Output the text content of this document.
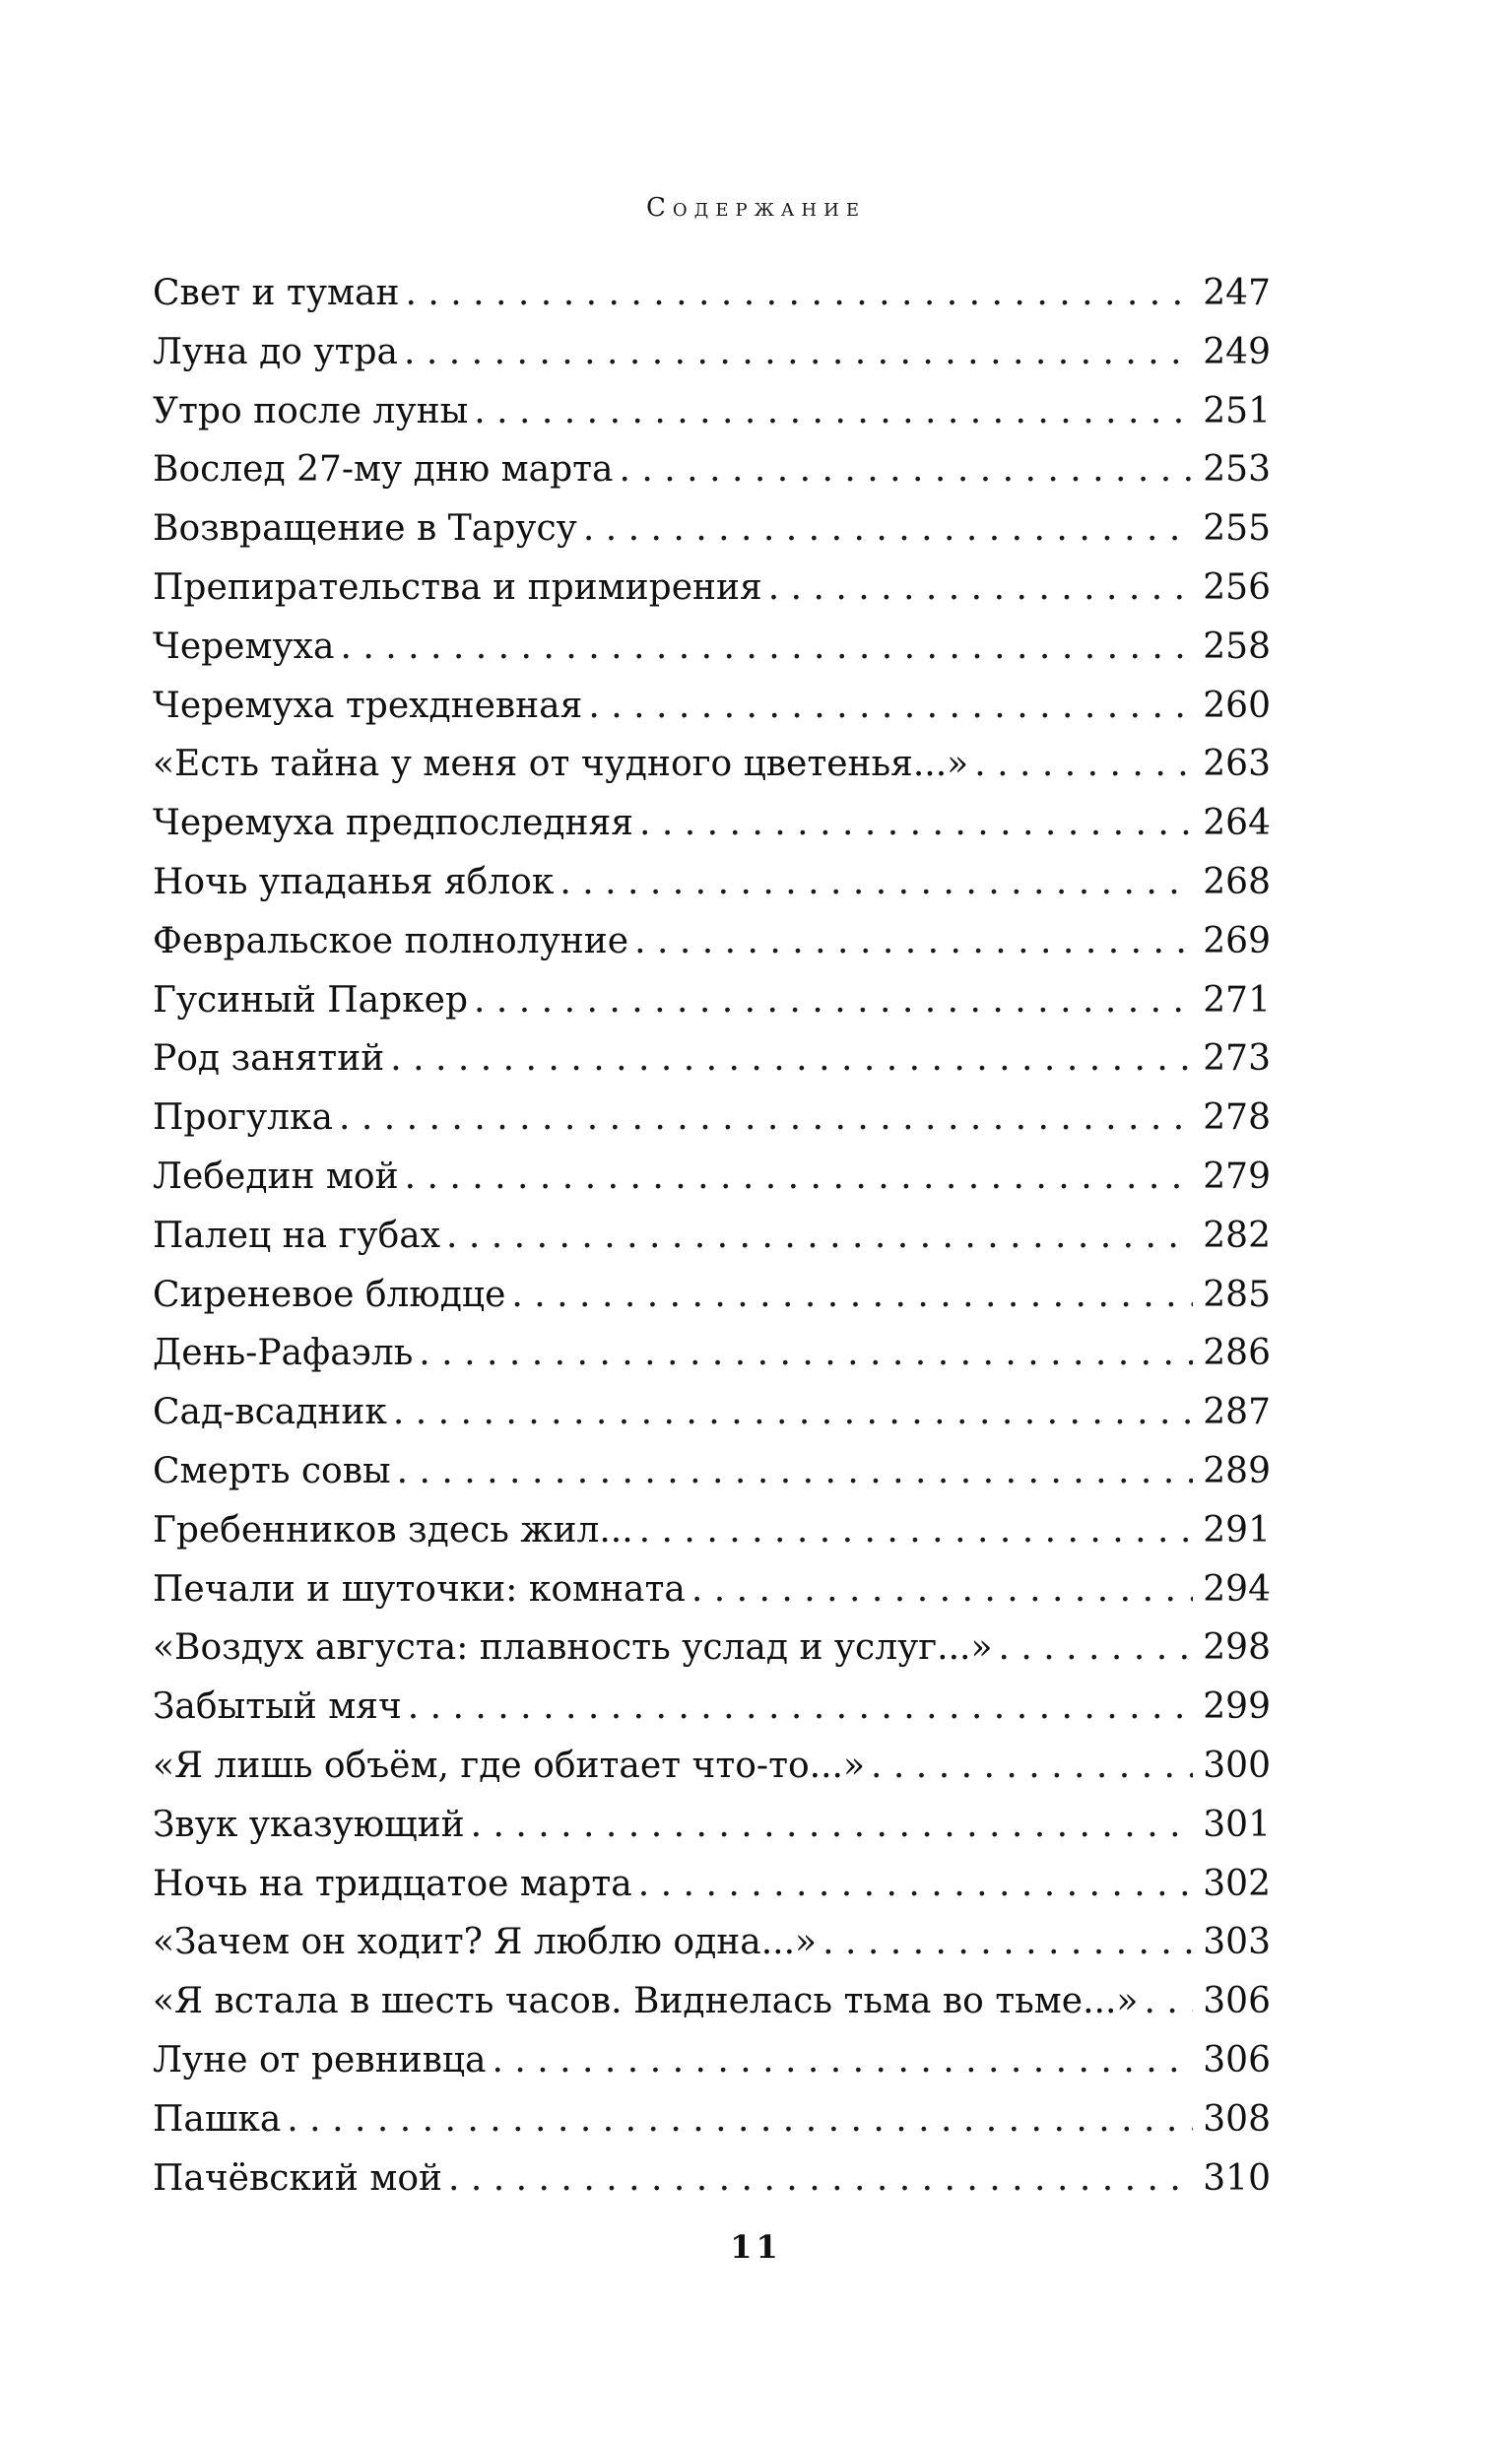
Содержание
Свет и туман . . .	247
Луна до утра . . .	249
Утро после луны . . .	251
Вослед 27-му дню марта . . .	253
Возвращение в Тарусу . . .	255
Препирательства и примирения . . .	256
Черемуха . . .	258
Черемуха трехдневная . . .	260
«Есть тайна у меня от чудного цветенья...» . . .	263
Черемуха предпоследняя . . .	264
Ночь упаданья яблок . . .	268
Февральское полнолуние . . .	269
Гусиный Паркер . . .	271
Род занятий . . .	273
Прогулка . . .	278
Лебедин мой . . .	279
Палец на губах . . .	282
Сиреневое блюдце . . .	285
День-Рафаэль . . .	286
Сад-всадник . . .	287
Смерть совы . . .	289
Гребенников здесь жил... . . .	291
Печали и шуточки: комната . . .	294
«Воздух августа: плавность услад и услуг...» . . .	298
Забытый мяч . . .	299
«Я лишь объём, где обитает что-то...» . . .	300
Звук указующий . . .	301
Ночь на тридцатое марта . . .	302
«Зачем он ходит? Я люблю одна...» . . .	303
«Я встала в шесть часов. Виднелась тьма во тьме...» . . . 306
Луне от ревнивца . . .	306
Пашка . . .	308
Пачёвский мой . . .	310
11
